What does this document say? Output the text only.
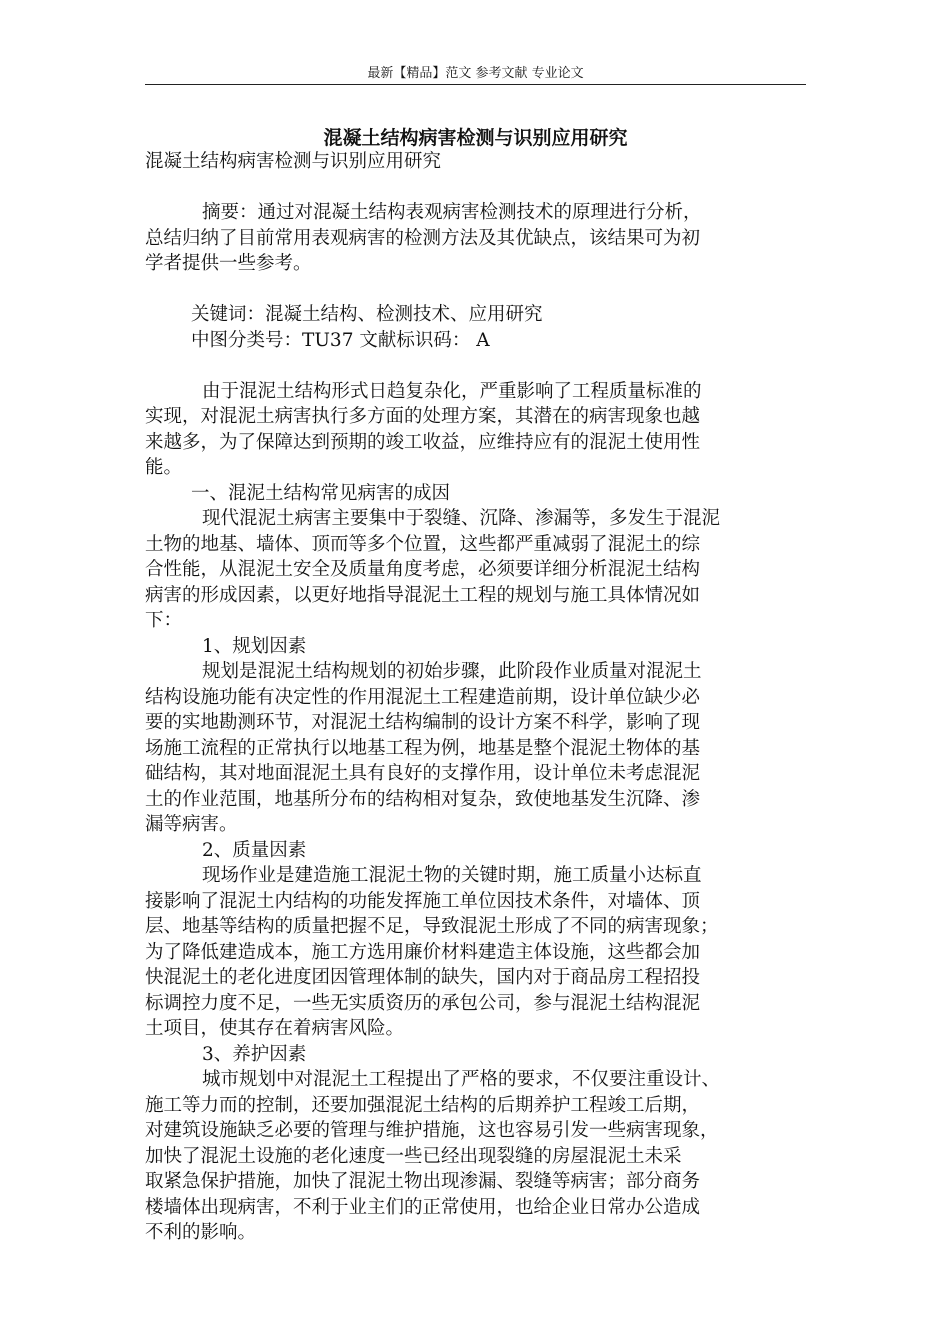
最新【精品】范文 参考文献 专业论文
混凝土结构病害检测与识别应用研究

混凝土结构病害检测与识别应用研究

摘要：通过对混凝土结构表观病害检测技术的原理进行分析，

总结归纳了目前常用表观病害的检测方法及其优缺点，该结果可为初

学者提供一些参考。

关键词：混凝土结构、检测技术、应用研究

中图分类号：TU37 文献标识码： A

由于混泥土结构形式日趋复杂化，严重影响了工程质量标准的

实现，对混泥土病害执行多方面的处理方案，其潜在的病害现象也越

来越多，为了保障达到预期的竣工收益，应维持应有的混泥土使用性

能。

一、混泥土结构常见病害的成因

现代混泥土病害主要集中于裂缝、沉降、渗漏等，多发生于混泥

土物的地基、墙体、顶而等多个位置，这些都严重减弱了混泥土的综

合性能，从混泥土安全及质量角度考虑，必须要详细分析混泥土结构

病害的形成因素，以更好地指导混泥土工程的规划与施工具体情况如

下：

1、规划因素

规划是混泥土结构规划的初始步骤，此阶段作业质量对混泥土

结构设施功能有决定性的作用混泥土工程建造前期，设计单位缺少必

要的实地勘测环节，对混泥土结构编制的设计方案不科学，影响了现

场施工流程的正常执行以地基工程为例，地基是整个混泥土物体的基

础结构，其对地面混泥土具有良好的支撑作用，设计单位未考虑混泥

土的作业范围，地基所分布的结构相对复杂，致使地基发生沉降、渗

漏等病害。

2、质量因素

现场作业是建造施工混泥土物的关键时期，施工质量小达标直

接影响了混泥土内结构的功能发挥施工单位因技术条件，对墙体、顶

层、地基等结构的质量把握不足，导致混泥土形成了不同的病害现象；

为了降低建造成本，施工方选用廉价材料建造主体设施，这些都会加

快混泥土的老化进度团因管理体制的缺失，国内对于商品房工程招投

标调控力度不足，一些无实质资历的承包公司，参与混泥土结构混泥

土项目，使其存在着病害风险。

3、养护因素

城市规划中对混泥土工程提出了严格的要求，不仅要注重设计、

施工等力而的控制，还要加强混泥土结构的后期养护工程竣工后期，

对建筑设施缺乏必要的管理与维护措施，这也容易引发一些病害现象，

加快了混泥土设施的老化速度一些已经出现裂缝的房屋混泥土未采

取紧急保护措施，加快了混泥土物出现渗漏、裂缝等病害；部分商务

楼墙体出现病害，不利于业主们的正常使用，也给企业日常办公造成

不利的影响。
